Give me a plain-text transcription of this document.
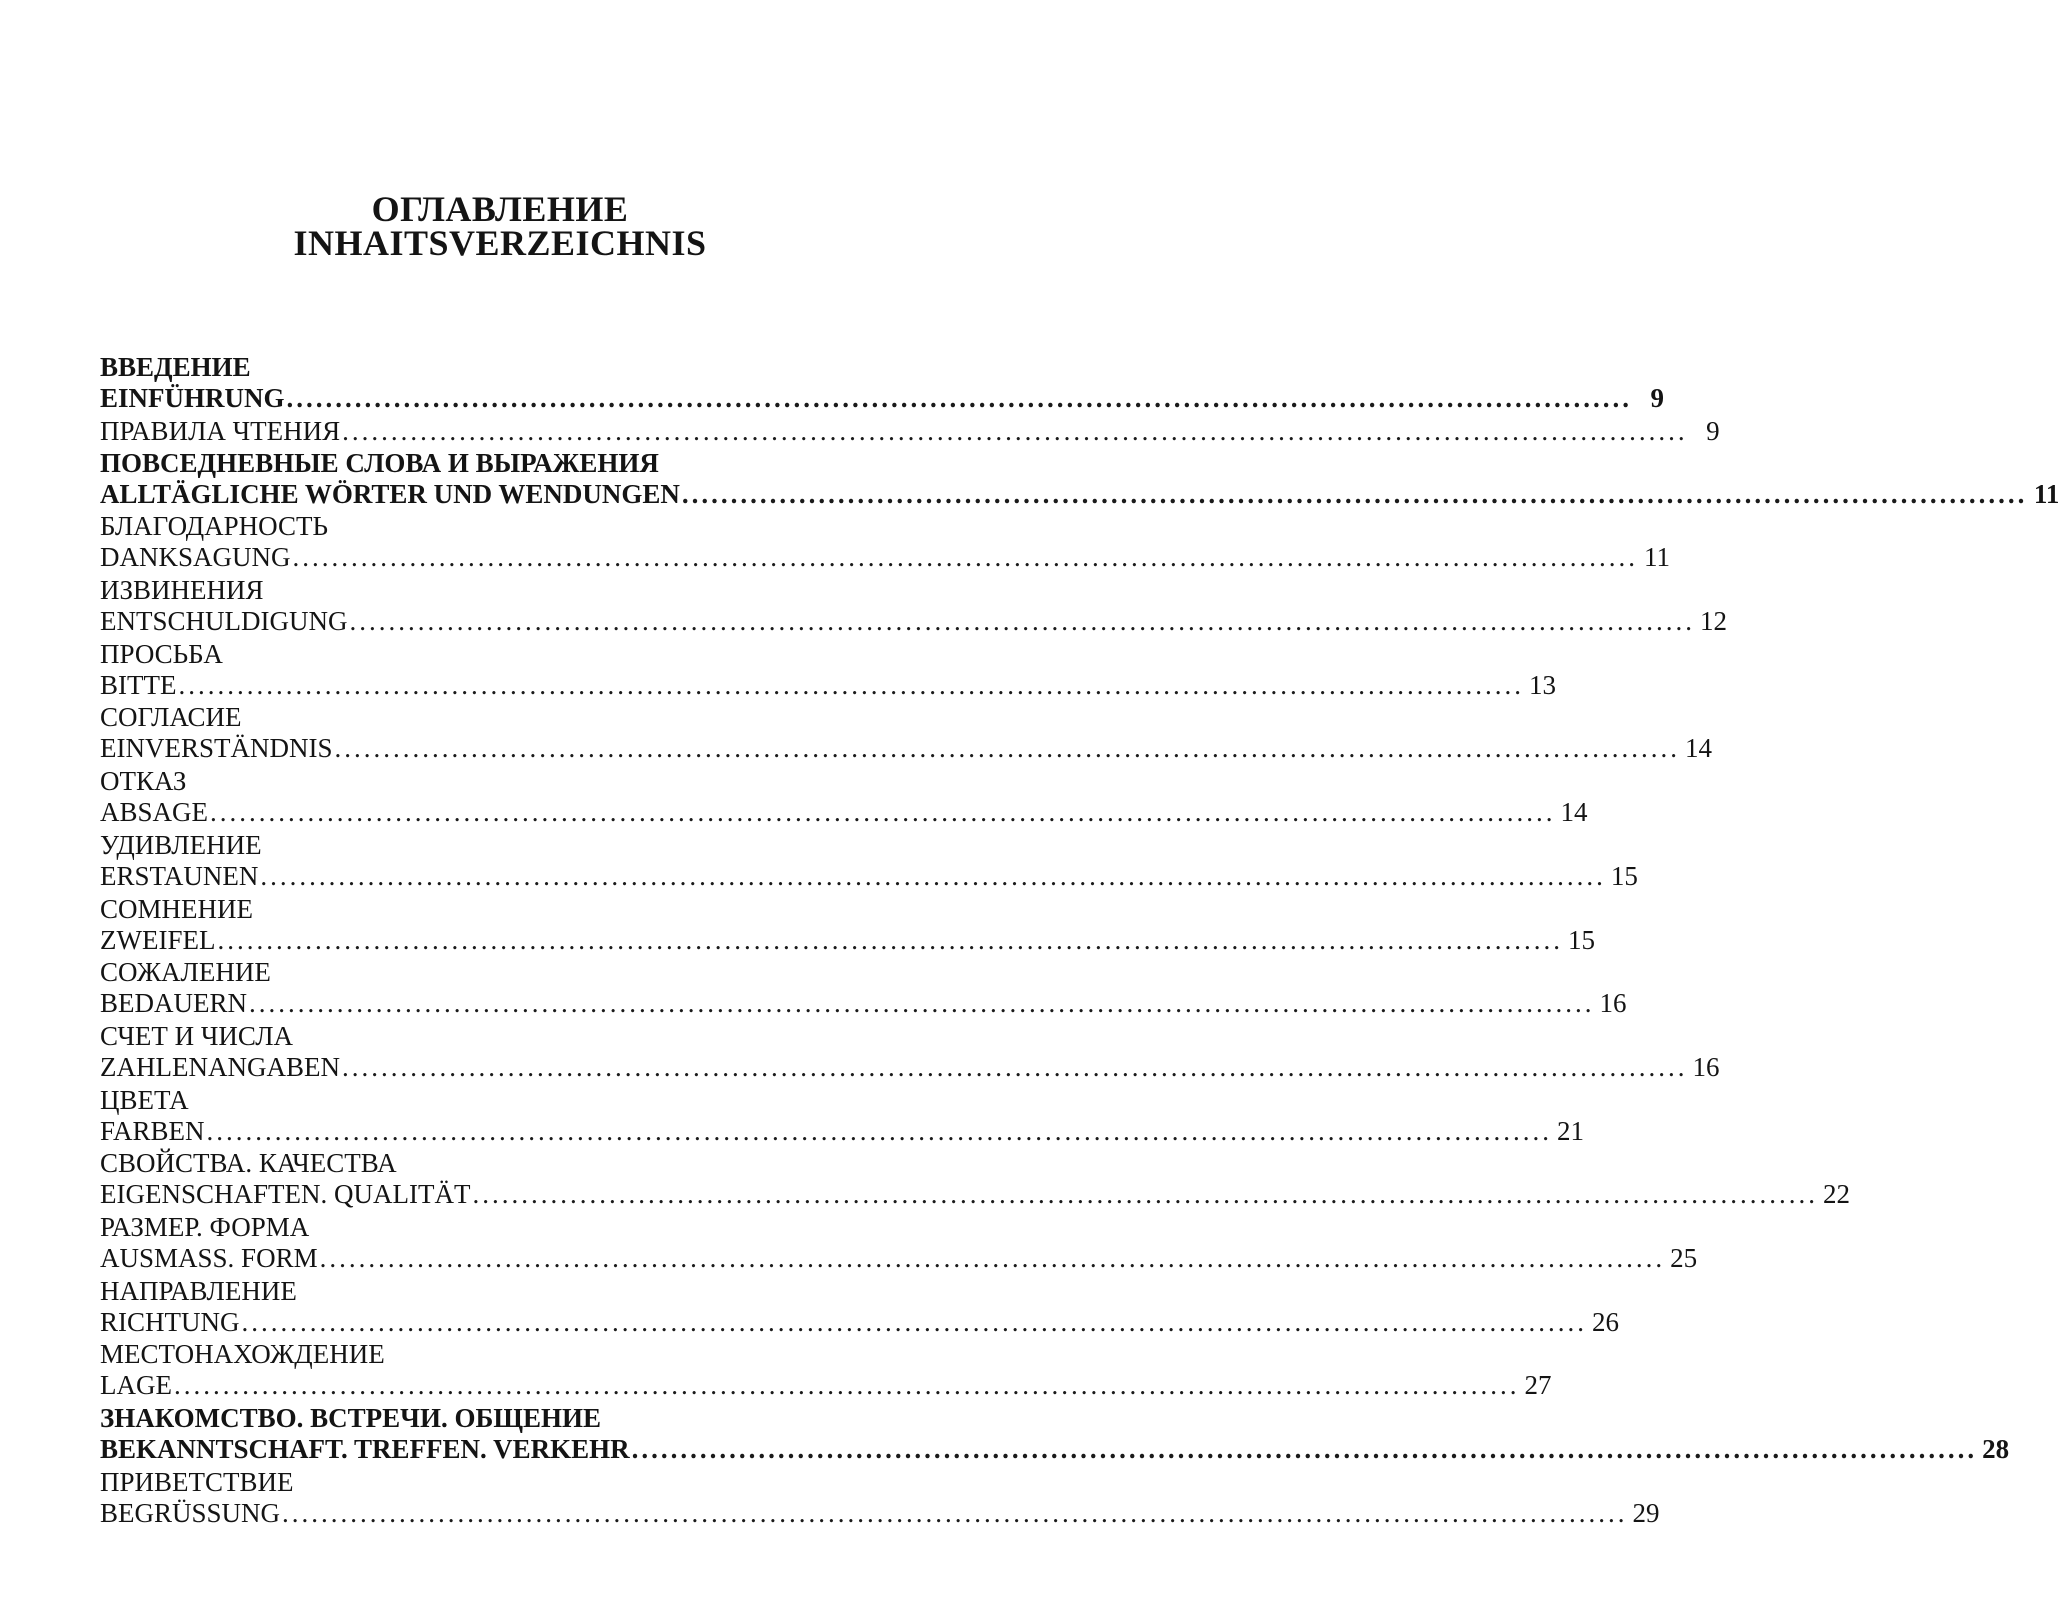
ОГЛАВЛЕНИЕ
INHAITSVERZEICHNIS
ВВЕДЕНИЕ
EINFÜHRUNG .......................................................................................................................................... 9
ПРАВИЛА ЧТЕНИЯ .......................................................................................................................................... 9
ПОВСЕДНЕВНЫЕ СЛОВА И ВЫРАЖЕНИЯ
ALLTÄGLICHE WÖRTER UND WENDUNGEN .......................................................................................................................................... 11
БЛАГОДАРНОСТЬ
DANKSAGUNG .......................................................................................................................................... 11
ИЗВИНЕНИЯ
ENTSCHULDIGUNG .......................................................................................................................................... 12
ПРОСЬБА
BITTE .......................................................................................................................................... 13
СОГЛАСИЕ
EINVERSTÄNDNIS .......................................................................................................................................... 14
ОТКАЗ
ABSAGE .......................................................................................................................................... 14
УДИВЛЕНИЕ
ERSTAUNEN .......................................................................................................................................... 15
СОМНЕНИЕ
ZWEIFEL .......................................................................................................................................... 15
СОЖАЛЕНИЕ
BEDAUERN .......................................................................................................................................... 16
СЧЕТ И ЧИСЛА
ZAHLENANGABEN .......................................................................................................................................... 16
ЦВЕТА
FARBEN .......................................................................................................................................... 21
СВОЙСТВА. КАЧЕСТВА
EIGENSCHAFTEN. QUALITÄT .......................................................................................................................................... 22
РАЗМЕР. ФОРМА
AUSMASS. FORM .......................................................................................................................................... 25
НАПРАВЛЕНИЕ
RICHTUNG .......................................................................................................................................... 26
МЕСТОНАХОЖДЕНИЕ
LAGE .......................................................................................................................................... 27
ЗНАКОМСТВО. ВСТРЕЧИ. ОБЩЕНИЕ
BEKANNTSCHAFT. TREFFEN. VERKEHR .......................................................................................................................................... 28
ПРИВЕТСТВИЕ
BEGRÜSSUNG .......................................................................................................................................... 29
